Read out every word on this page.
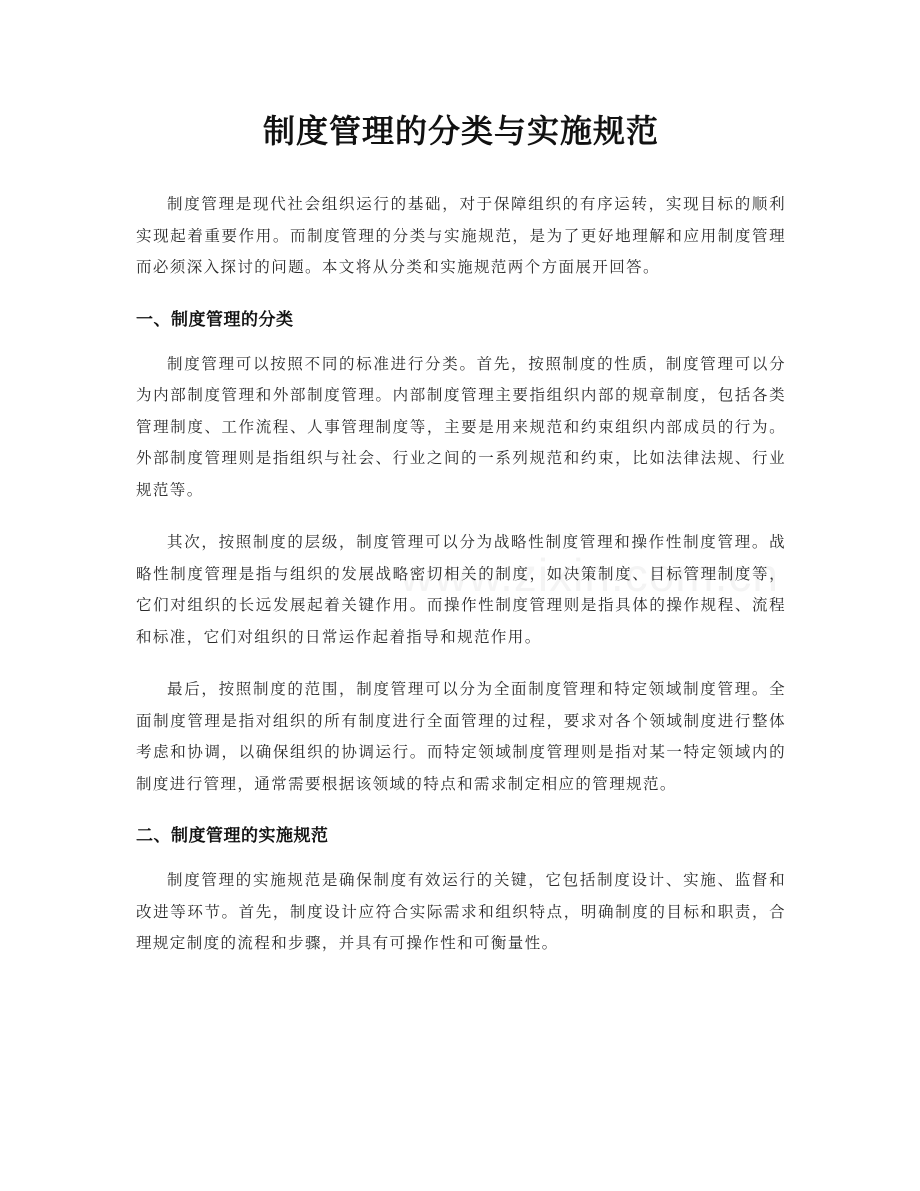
制度管理的分类与实施规范

制度管理是现代社会组织运行的基础，对于保障组织的有序运转，实现目标的顺利实现起着重要作用。而制度管理的分类与实施规范，是为了更好地理解和应用制度管理而必须深入探讨的问题。本文将从分类和实施规范两个方面展开回答。

一、制度管理的分类

制度管理可以按照不同的标准进行分类。首先，按照制度的性质，制度管理可以分为内部制度管理和外部制度管理。内部制度管理主要指组织内部的规章制度，包括各类管理制度、工作流程、人事管理制度等，主要是用来规范和约束组织内部成员的行为。外部制度管理则是指组织与社会、行业之间的一系列规范和约束，比如法律法规、行业规范等。

其次，按照制度的层级，制度管理可以分为战略性制度管理和操作性制度管理。战略性制度管理是指与组织的发展战略密切相关的制度，如决策制度、目标管理制度等，它们对组织的长远发展起着关键作用。而操作性制度管理则是指具体的操作规程、流程和标准，它们对组织的日常运作起着指导和规范作用。

最后，按照制度的范围，制度管理可以分为全面制度管理和特定领域制度管理。全面制度管理是指对组织的所有制度进行全面管理的过程，要求对各个领域制度进行整体考虑和协调，以确保组织的协调运行。而特定领域制度管理则是指对某一特定领域内的制度进行管理，通常需要根据该领域的特点和需求制定相应的管理规范。

二、制度管理的实施规范

制度管理的实施规范是确保制度有效运行的关键，它包括制度设计、实施、监督和改进等环节。首先，制度设计应符合实际需求和组织特点，明确制度的目标和职责，合理规定制度的流程和步骤，并具有可操作性和可衡量性。
